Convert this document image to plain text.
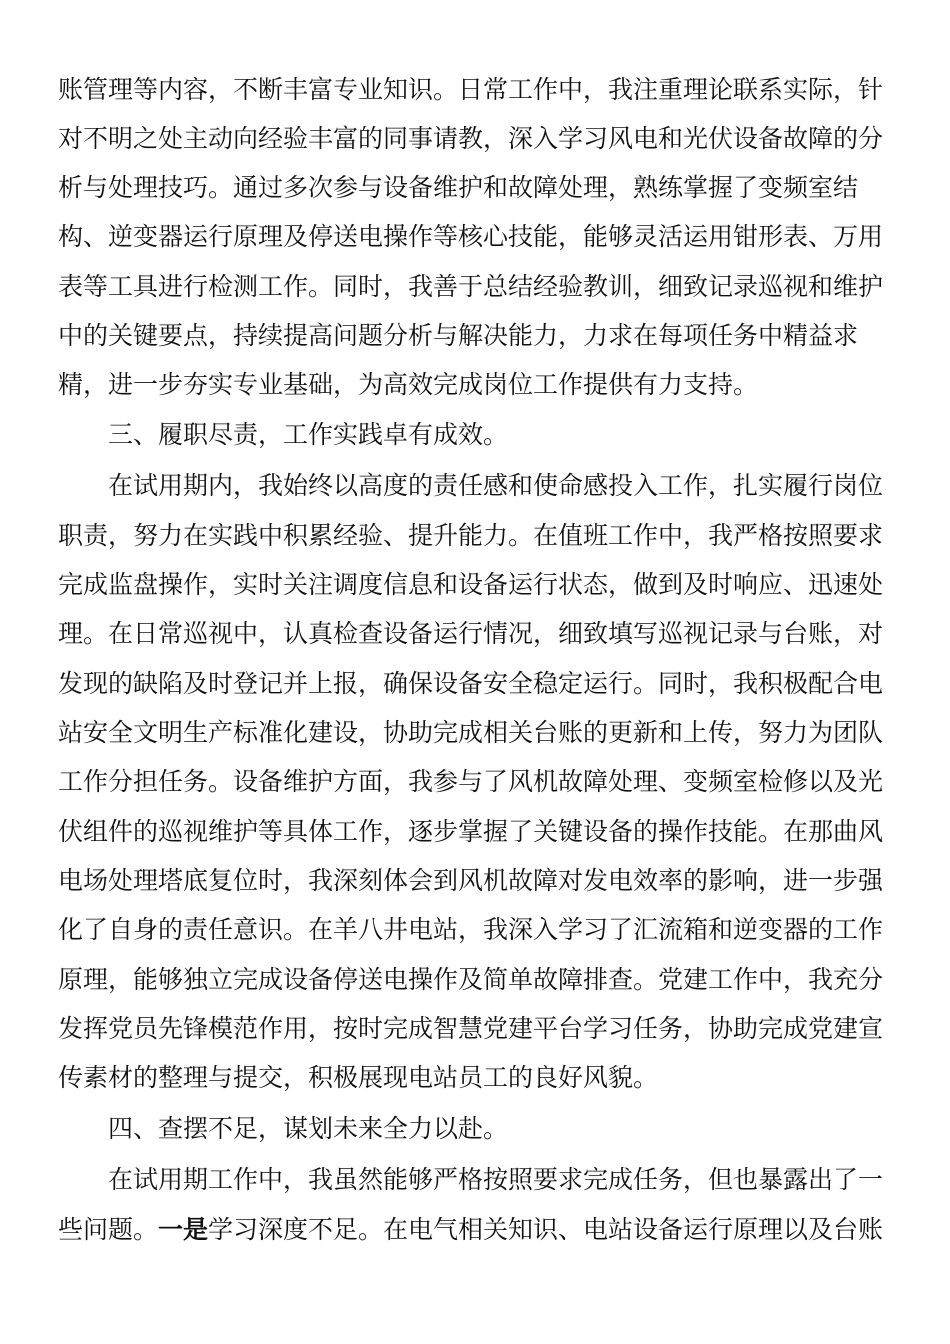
账管理等内容，不断丰富专业知识。日常工作中，我注重理论联系实际，针
对不明之处主动向经验丰富的同事请教，深入学习风电和光伏设备故障的分
析与处理技巧。通过多次参与设备维护和故障处理，熟练掌握了变频室结
构、逆变器运行原理及停送电操作等核心技能，能够灵活运用钳形表、万用
表等工具进行检测工作。同时，我善于总结经验教训，细致记录巡视和维护
中的关键要点，持续提高问题分析与解决能力，力求在每项任务中精益求
精，进一步夯实专业基础，为高效完成岗位工作提供有力支持。
三、履职尽责，工作实践卓有成效。
在试用期内，我始终以高度的责任感和使命感投入工作，扎实履行岗位
职责，努力在实践中积累经验、提升能力。在值班工作中，我严格按照要求
完成监盘操作，实时关注调度信息和设备运行状态，做到及时响应、迅速处
理。在日常巡视中，认真检查设备运行情况，细致填写巡视记录与台账，对
发现的缺陷及时登记并上报，确保设备安全稳定运行。同时，我积极配合电
站安全文明生产标准化建设，协助完成相关台账的更新和上传，努力为团队
工作分担任务。设备维护方面，我参与了风机故障处理、变频室检修以及光
伏组件的巡视维护等具体工作，逐步掌握了关键设备的操作技能。在那曲风
电场处理塔底复位时，我深刻体会到风机故障对发电效率的影响，进一步强
化了自身的责任意识。在羊八井电站，我深入学习了汇流箱和逆变器的工作
原理，能够独立完成设备停送电操作及简单故障排查。党建工作中，我充分
发挥党员先锋模范作用，按时完成智慧党建平台学习任务，协助完成党建宣
传素材的整理与提交，积极展现电站员工的良好风貌。
四、查摆不足，谋划未来全力以赴。
在试用期工作中，我虽然能够严格按照要求完成任务，但也暴露出了一
些问题。一是学习深度不足。在电气相关知识、电站设备运行原理以及台账
